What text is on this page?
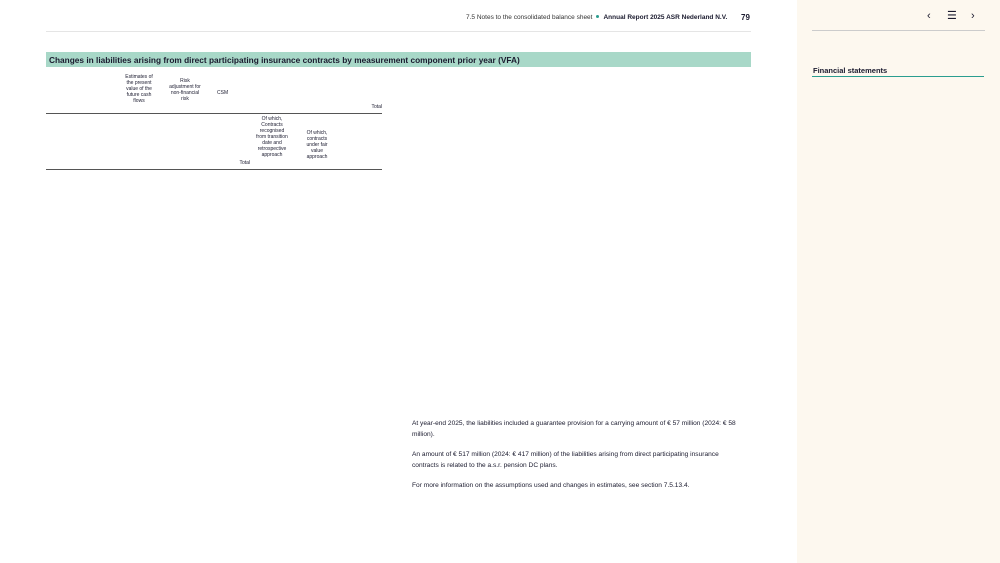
7.5 Notes to the consolidated balance sheet Annual Report 2025 ASR Nederland N.V. 79
Changes in liabilities arising from direct participating insurance contracts by measurement component prior year (VFA)
Estimates of
the present
value of the
future cash
flows
Risk
adjustment for
non-financial
risk
CSM
Total
Of which,
Contracts
recognised
from transition
date and
retrospective
approach
Of which,
contracts
under fair
value
approach
Total
At year-end 2025, the liabilities included a guarantee provision for a carrying amount of € 57 million (2024: € 58 million).
An amount of € 517 million (2024: € 417 million) of the liabilities arising from direct participating insurance contracts is related to the a.s.r. pension DC plans.
For more information on the assumptions used and changes in estimates, see section 7.5.13.4.
‹ ☰ ›
Financial statements
